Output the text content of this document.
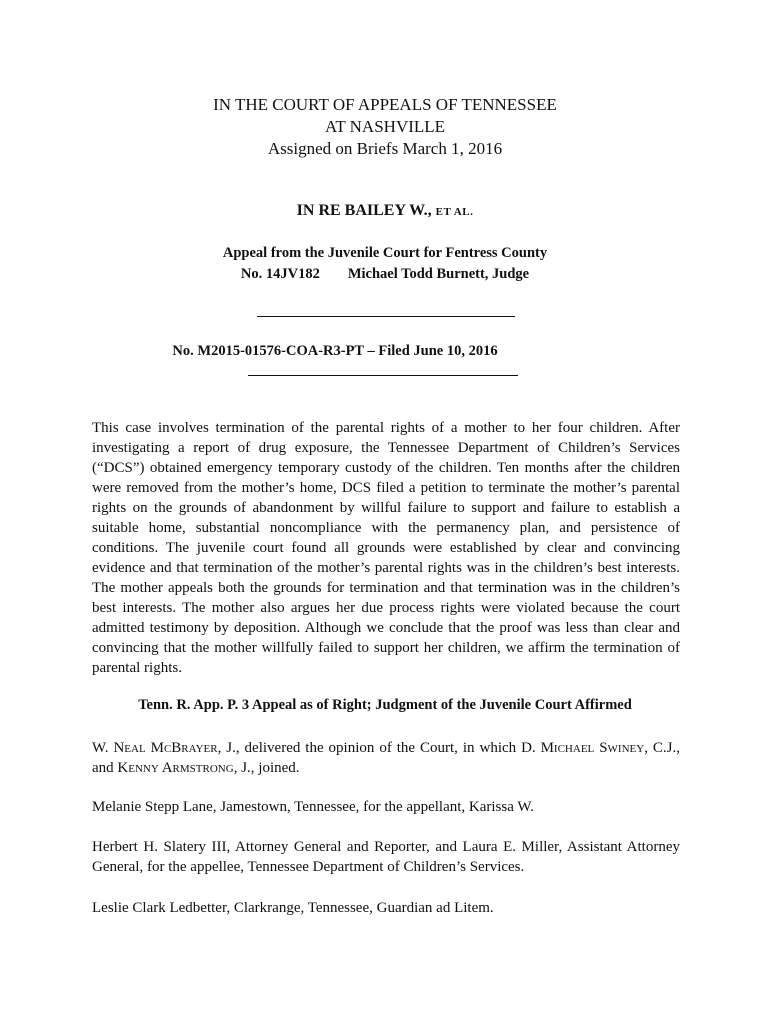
IN THE COURT OF APPEALS OF TENNESSEE
AT NASHVILLE
Assigned on Briefs March 1, 2016
IN RE BAILEY W., ET AL.
Appeal from the Juvenile Court for Fentress County
No. 14JV182 Michael Todd Burnett, Judge
No. M2015-01576-COA-R3-PT – Filed June 10, 2016

This case involves termination of the parental rights of a mother to her four children. After investigating a report of drug exposure, the Tennessee Department of Children’s Services (“DCS”) obtained emergency temporary custody of the children. Ten months after the children were removed from the mother’s home, DCS filed a petition to terminate the mother’s parental rights on the grounds of abandonment by willful failure to support and failure to establish a suitable home, substantial noncompliance with the permanency plan, and persistence of conditions. The juvenile court found all grounds were established by clear and convincing evidence and that termination of the mother’s parental rights was in the children’s best interests. The mother appeals both the grounds for termination and that termination was in the children’s best interests. The mother also argues her due process rights were violated because the court admitted testimony by deposition. Although we conclude that the proof was less than clear and convincing that the mother willfully failed to support her children, we affirm the termination of parental rights.

Tenn. R. App. P. 3 Appeal as of Right; Judgment of the Juvenile Court Affirmed

W. Neal McBrayer, J., delivered the opinion of the Court, in which D. Michael Swiney, C.J., and Kenny Armstrong, J., joined.

Melanie Stepp Lane, Jamestown, Tennessee, for the appellant, Karissa W.

Herbert H. Slatery III, Attorney General and Reporter, and Laura E. Miller, Assistant Attorney General, for the appellee, Tennessee Department of Children’s Services.

Leslie Clark Ledbetter, Clarkrange, Tennessee, Guardian ad Litem.
